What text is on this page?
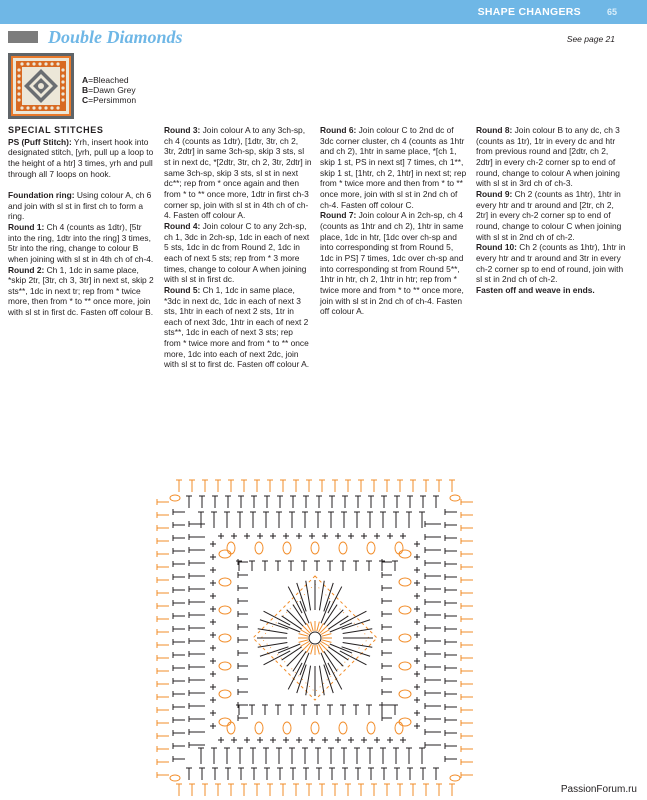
SHAPE CHANGERS	65
Double Diamonds	See page 21
A=Bleached
B=Dawn Grey
C=Persimmon
SPECIAL STITCHES

PS (Puff Stitch): Yrh, insert hook into designated stitch, [yrh, pull up a loop to the height of a htr] 3 times, yrh and pull through all 7 loops on hook.

Foundation ring: Using colour A, ch 6 and join with sl st in first ch to form a ring.

Round 1: Ch 4 (counts as 1dtr), [5tr into the ring, 1dtr into the ring] 3 times, 5tr into the ring, change to colour B when joining with sl st in 4th ch of ch-4.

Round 2: Ch 1, 1dc in same place, *skip 2tr, [3tr, ch 3, 3tr] in next st, skip 2 sts**, 1dc in next tr; rep from * twice more, then from * to ** once more, join with sl st in first dc. Fasten off colour B.

Round 3: Join colour A to any 3ch-sp, ch 4 (counts as 1dtr), [1dtr, 3tr, ch 2, 3tr, 2dtr] in same 3ch-sp, skip 3 sts, sl st in next dc, *[2dtr, 3tr, ch 2, 3tr, 2dtr] in same 3ch-sp, skip 3 sts, sl st in next dc**; rep from * once again and then from * to ** once more, 1dtr in first ch-3 corner sp, join with sl st in 4th ch of ch-4. Fasten off colour A.

Round 4: Join colour C to any 2ch-sp, ch 1, 3dc in 2ch-sp, 1dc in each of next 5 sts, 1dc in dc from Round 2, 1dc in each of next 5 sts; rep from * 3 more times, change to colour A when joining with sl st in first dc.

Round 5: Ch 1, 1dc in same place, *3dc in next dc, 1dc in each of next 3 sts, 1htr in each of next 2 sts, 1tr in each of next 3dc, 1htr in each of next 2 sts**, 1dc in each of next 3 sts; rep from * twice more and from * to ** once more, 1dc into each of next 2dc, join with sl st to first dc. Fasten off colour A.

Round 6: Join colour C to 2nd dc of 3dc corner cluster, ch 4 (counts as 1htr and ch 2), 1htr in same place, *[ch 1, skip 1 st, PS in next st] 7 times, ch 1**, skip 1 st, [1htr, ch 2, 1htr] in next st; rep from * twice more and then from * to ** once more, join with sl st in 2nd ch of ch-4. Fasten off colour C.

Round 7: Join colour A in 2ch-sp, ch 4 (counts as 1htr and ch 2), 1htr in same place, 1dc in htr, [1dc over ch-sp and into corresponding st from Round 5, 1dc in PS] 7 times, 1dc over ch-sp and into corresponding st from Round 5**, 1htr in htr, ch 2, 1htr in htr; rep from * twice more and from * to ** once more, join with sl st in 2nd ch of ch-4. Fasten off colour A.

Round 8: Join colour B to any dc, ch 3 (counts as 1tr), 1tr in every dc and htr from previous round and [2dtr, ch 2, 2dtr] in every ch-2 corner sp to end of round, change to colour A when joining with sl st in 3rd ch of ch-3.

Round 9: Ch 2 (counts as 1htr), 1htr in every htr and tr around and [2tr, ch 2, 2tr] in every ch-2 corner sp to end of round, change to colour C when joining with sl st in 2nd ch of ch-2.

Round 10: Ch 2 (counts as 1htr), 1htr in every htr and tr around and 3tr in every ch-2 corner sp to end of round, join with sl st in 2nd ch of ch-2.

Fasten off and weave in ends.

PassionForum.ru
